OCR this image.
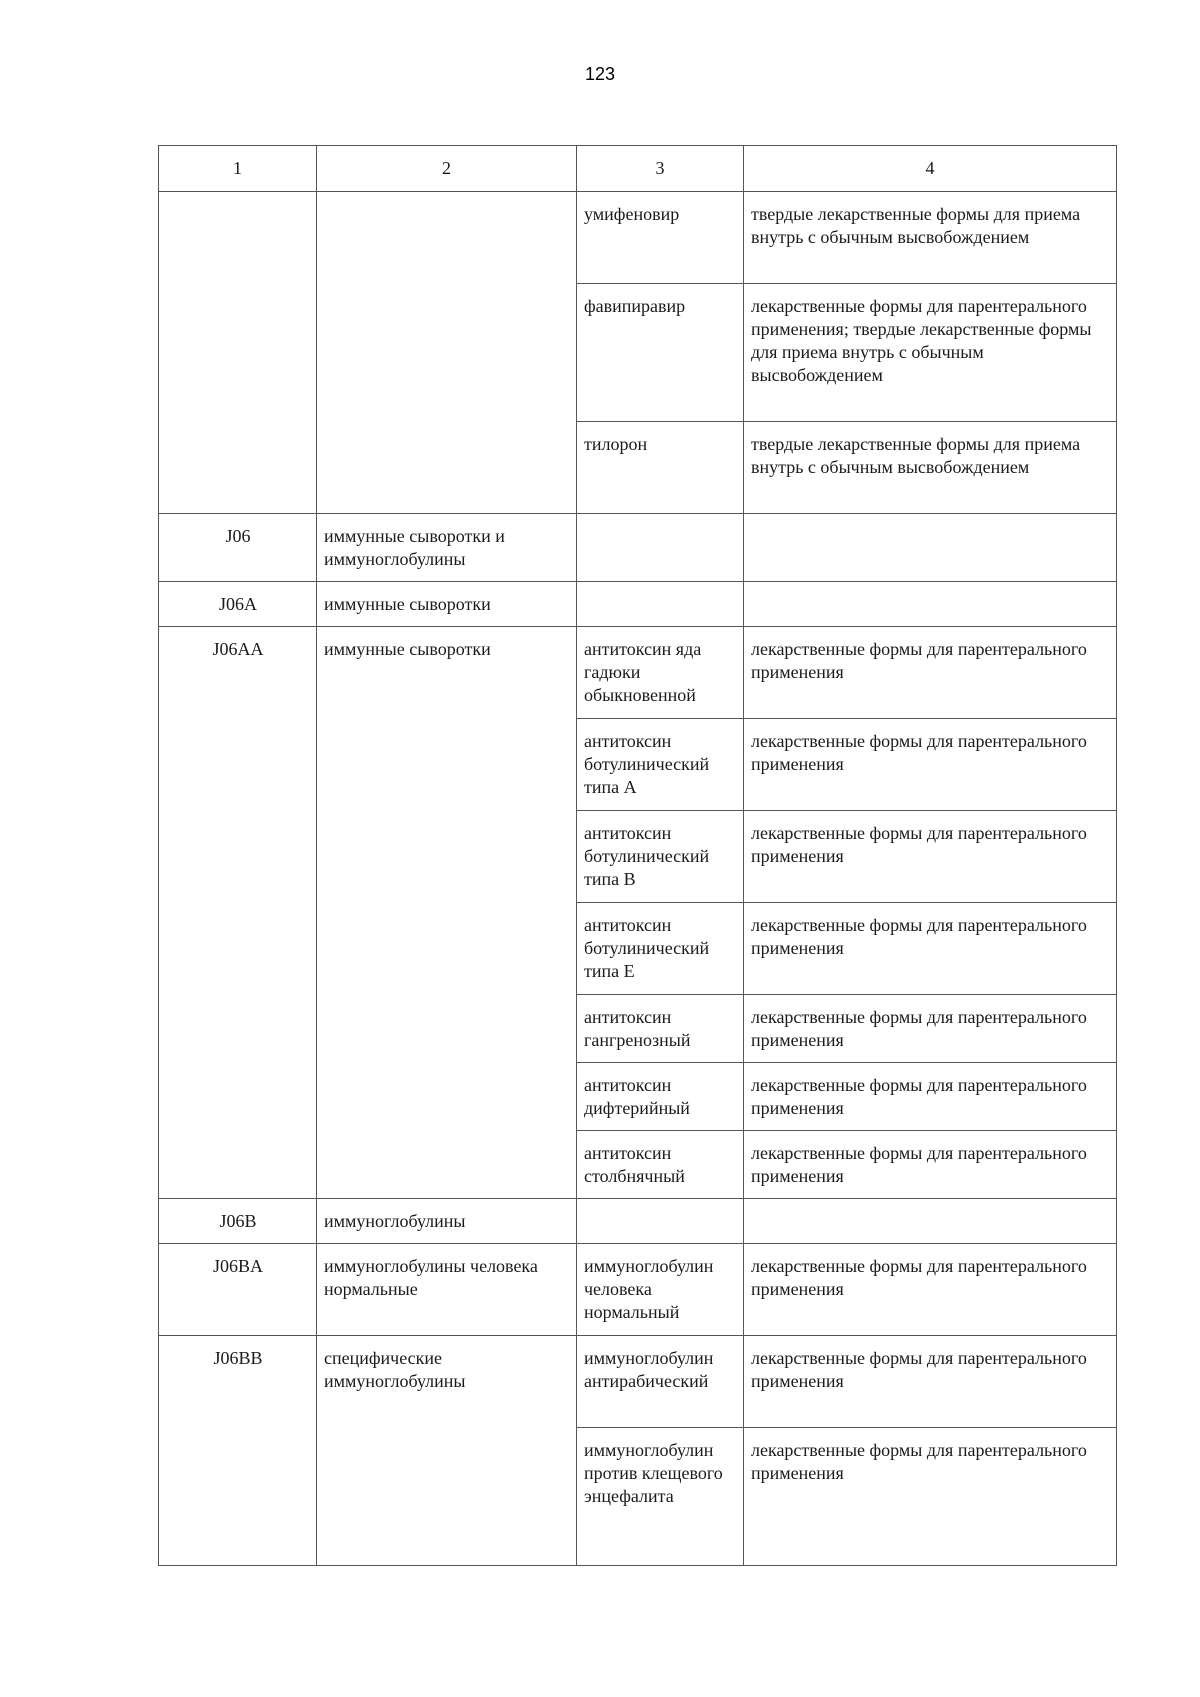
123
1	2	3	4
		умифеновир	твердые лекарственные формы для приема внутрь с обычным высвобождением
		фавипиравир	лекарственные формы для парентерального применения; твердые лекарственные формы для приема внутрь с обычным высвобождением
		тилорон	твердые лекарственные формы для приема внутрь с обычным высвобождением
J06	иммунные сыворотки и иммуноглобулины		
J06A	иммунные сыворотки		
J06AA	иммунные сыворотки	антитоксин яда гадюки обыкновенной	лекарственные формы для парентерального применения
		антитоксин ботулинический типа A	лекарственные формы для парентерального применения
		антитоксин ботулинический типа B	лекарственные формы для парентерального применения
		антитоксин ботулинический типа E	лекарственные формы для парентерального применения
		антитоксин гангренозный	лекарственные формы для парентерального применения
		антитоксин дифтерийный	лекарственные формы для парентерального применения
		антитоксин столбнячный	лекарственные формы для парентерального применения
J06B	иммуноглобулины		
J06BA	иммуноглобулины человека нормальные	иммуноглобулин человека нормальный	лекарственные формы для парентерального применения
J06BB	специфические иммуноглобулины	иммуноглобулин антирабический	лекарственные формы для парентерального применения
		иммуноглобулин против клещевого энцефалита	лекарственные формы для парентерального применения
